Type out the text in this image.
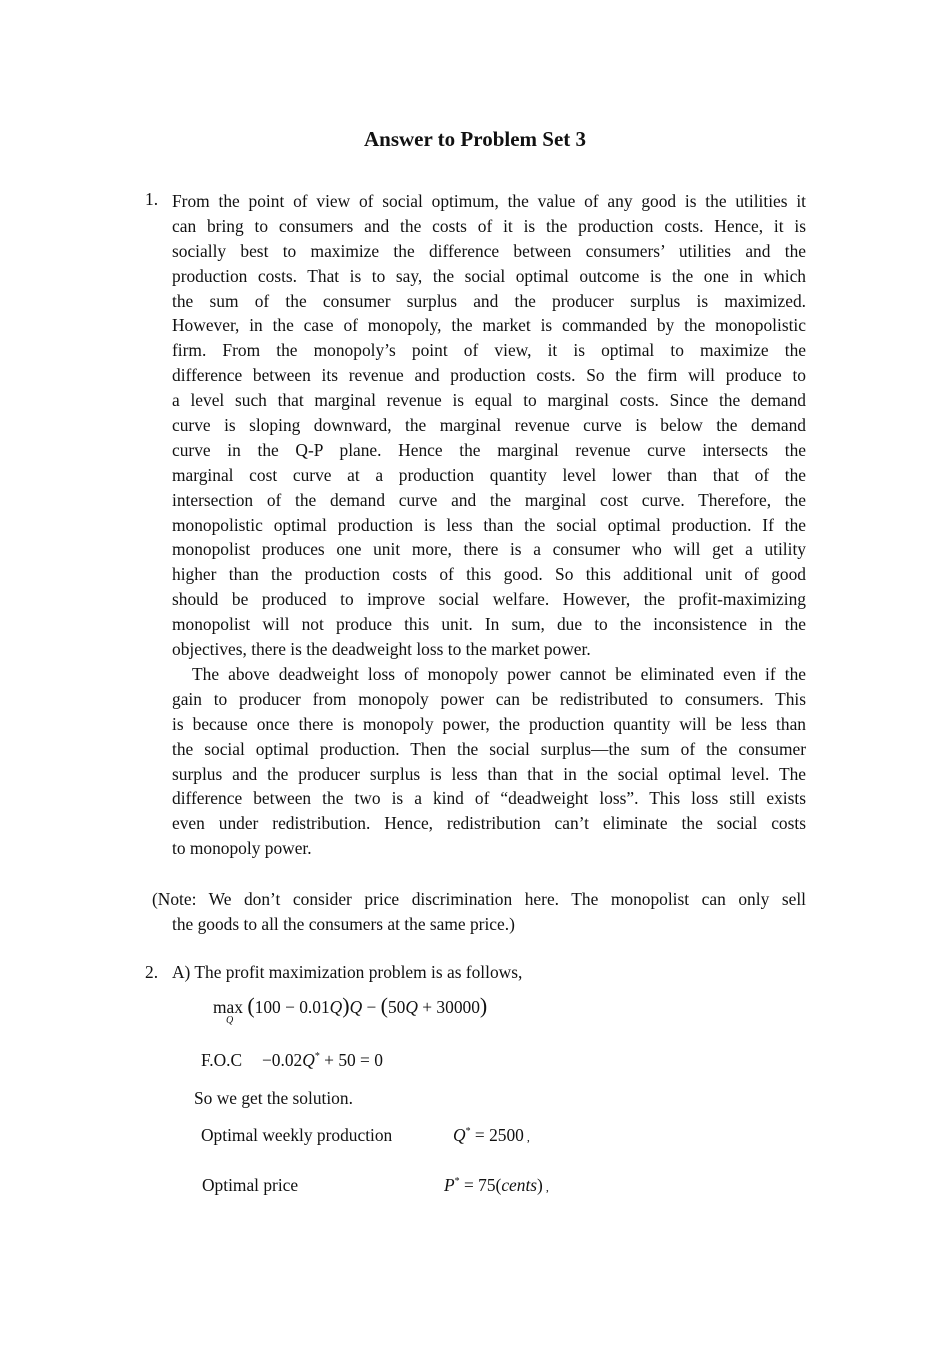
Answer to Problem Set 3
1. From the point of view of social optimum, the value of any good is the utilities it
can bring to consumers and the costs of it is the production costs. Hence, it is
socially best to maximize the difference between consumers’ utilities and the
production costs. That is to say, the social optimal outcome is the one in which
the sum of the consumer surplus and the producer surplus is maximized.
However, in the case of monopoly, the market is commanded by the monopolistic
firm. From the monopoly’s point of view, it is optimal to maximize the
difference between its revenue and production costs. So the firm will produce to
a level such that marginal revenue is equal to marginal costs. Since the demand
curve is sloping downward, the marginal revenue curve is below the demand
curve in the Q-P plane. Hence the marginal revenue curve intersects the
marginal cost curve at a production quantity level lower than that of the
intersection of the demand curve and the marginal cost curve. Therefore, the
monopolistic optimal production is less than the social optimal production. If the
monopolist produces one unit more, there is a consumer who will get a utility
higher than the production costs of this good. So this additional unit of good
should be produced to improve social welfare. However, the profit-maximizing
monopolist will not produce this unit. In sum, due to the inconsistence in the
objectives, there is the deadweight loss to the market power.
The above deadweight loss of monopoly power cannot be eliminated even if the
gain to producer from monopoly power can be redistributed to consumers. This
is because once there is monopoly power, the production quantity will be less than
the social optimal production. Then the social surplus—the sum of the consumer
surplus and the producer surplus is less than that in the social optimal level. The
difference between the two is a kind of “deadweight loss”. This loss still exists
even under redistribution. Hence, redistribution can’t eliminate the social costs
to monopoly power.
(Note: We don’t consider price discrimination here. The monopolist can only sell
the goods to all the consumers at the same price.)
2. A) The profit maximization problem is as follows,
max (100 − 0.01Q)Q − (50Q + 30000)
Q
F.O.C −0.02Q* + 50 = 0
So we get the solution.
Optimal weekly production	Q* = 2500 ,
Optimal price	P* = 75(cents) ,
